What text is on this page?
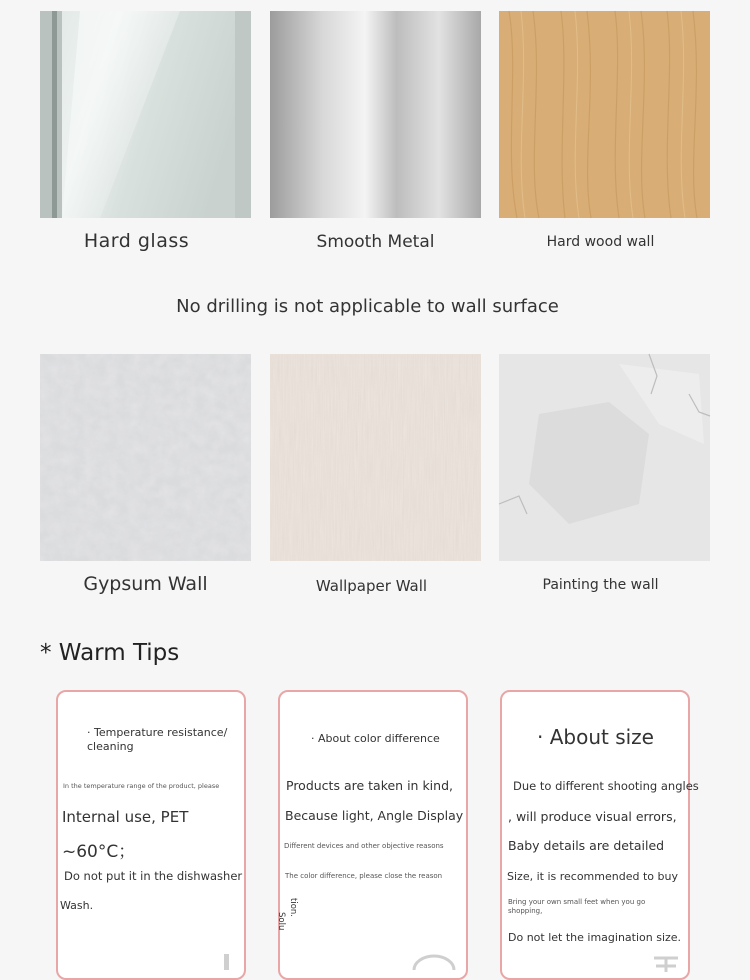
Hard glass	Smooth Metal	Hard wood wall
No drilling is not applicable to wall surface
Gypsum Wall	Wallpaper Wall	Painting the wall
* Warm Tips
· Temperature resistance/
cleaning
In the temperature range of the product, please
Internal use, PET
~60°C；
Do not put it in the dishwasher
Wash.
· About color difference
Products are taken in kind,
Because light, Angle Display
Different devices and other objective reasons
The color difference, please close the reason
Solu
tion.
· About size
Due to different shooting angles
, will produce visual errors,
Baby details are detailed
Size, it is recommended to buy
Bring your own small feet when you go
shopping,
Do not let the imagination size.
